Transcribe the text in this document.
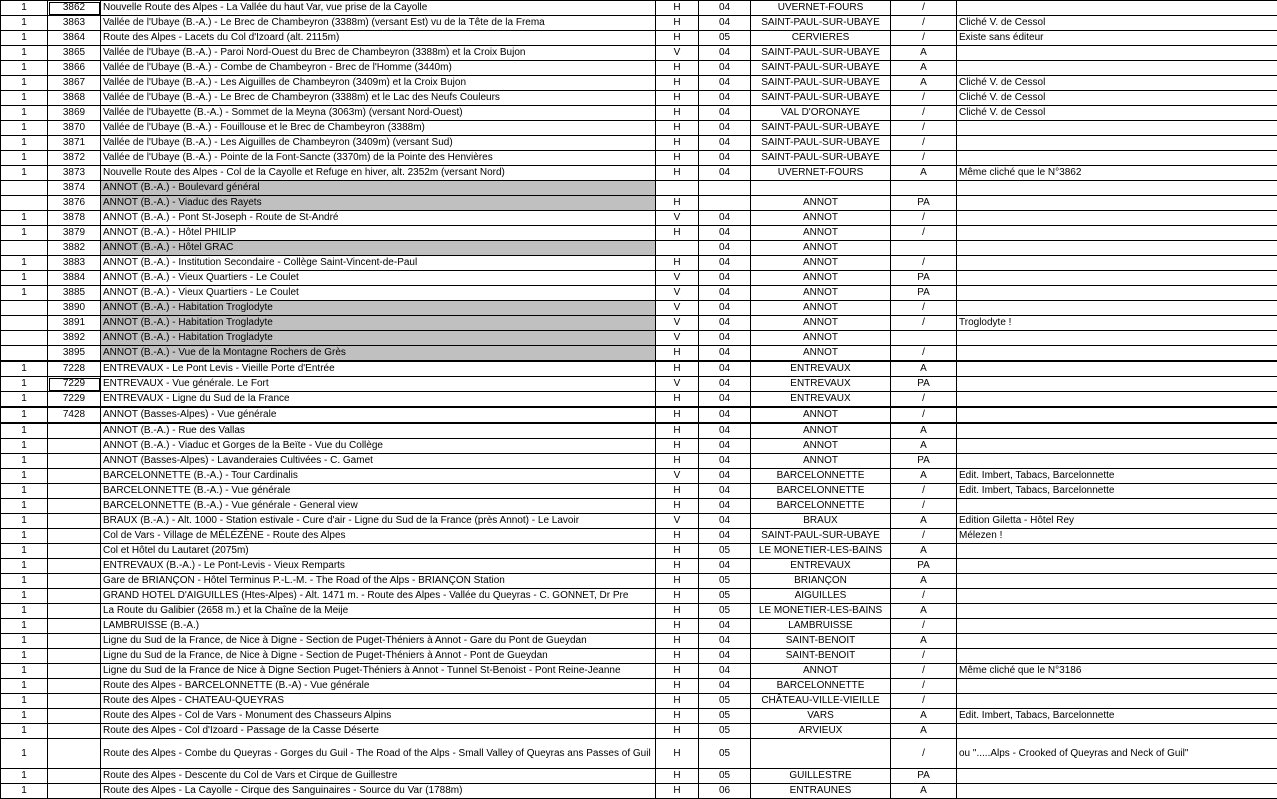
1	3862	Nouvelle Route des Alpes - La Vallée du haut Var, vue prise de la Cayolle	H	04	UVERNET-FOURS	/	
1	3863	Vallée de l'Ubaye (B.-A.) - Le Brec de Chambeyron (3388m) (versant Est) vu de la Tête de la Frema	H	04	SAINT-PAUL-SUR-UBAYE	/	Cliché V. de Cessol
1	3864	Route des Alpes - Lacets du Col d'Izoard (alt. 2115m)	H	05	CERVIERES	/	Existe sans éditeur
1	3865	Vallée de l'Ubaye (B.-A.) - Paroi Nord-Ouest du Brec de Chambeyron (3388m) et la Croix Bujon	V	04	SAINT-PAUL-SUR-UBAYE	A	
1	3866	Vallée de l'Ubaye (B.-A.) - Combe de Chambeyron - Brec de l'Homme (3440m)	H	04	SAINT-PAUL-SUR-UBAYE	A	
1	3867	Vallée de l'Ubaye (B.-A.) - Les Aiguilles de Chambeyron (3409m) et la Croix Bujon	H	04	SAINT-PAUL-SUR-UBAYE	A	Cliché V. de Cessol
1	3868	Vallée de l'Ubaye (B.-A.) - Le Brec de Chambeyron (3388m) et le Lac des Neufs Couleurs	H	04	SAINT-PAUL-SUR-UBAYE	/	Cliché V. de Cessol
1	3869	Vallée de l'Ubayette (B.-A.) - Sommet de la Meyna (3063m) (versant Nord-Ouest)	H	04	VAL D'ORONAYE	/	Cliché V. de Cessol
1	3870	Vallée de l'Ubaye (B.-A.) - Fouillouse et le Brec de Chambeyron (3388m)	H	04	SAINT-PAUL-SUR-UBAYE	/	
1	3871	Vallée de l'Ubaye (B.-A.) - Les Aiguilles de Chambeyron (3409m) (versant Sud)	H	04	SAINT-PAUL-SUR-UBAYE	/	
1	3872	Vallée de l'Ubaye (B.-A.) - Pointe de la Font-Sancte (3370m) de la Pointe des Henvières	H	04	SAINT-PAUL-SUR-UBAYE	/	
1	3873	Nouvelle Route des Alpes - Col de la Cayolle et Refuge en hiver, alt. 2352m (versant Nord)	H	04	UVERNET-FOURS	A	Même cliché que le N°3862
	3874	ANNOT (B.-A.) - Boulevard général					
	3876	ANNOT (B.-A.) - Viaduc des Rayets	H		ANNOT	PA	
1	3878	ANNOT (B.-A.) - Pont St-Joseph - Route de St-André	V	04	ANNOT	/	
1	3879	ANNOT (B.-A.) - Hôtel PHILIP	H	04	ANNOT	/	
	3882	ANNOT (B.-A.) - Hôtel GRAC		04	ANNOT		
1	3883	ANNOT (B.-A.) - Institution Secondaire - Collège Saint-Vincent-de-Paul	H	04	ANNOT	/	
1	3884	ANNOT (B.-A.) - Vieux Quartiers - Le Coulet	V	04	ANNOT	PA	
1	3885	ANNOT (B.-A.) - Vieux Quartiers - Le Coulet	V	04	ANNOT	PA	
	3890	ANNOT (B.-A.) - Habitation Troglodyte	V	04	ANNOT	/	
	3891	ANNOT (B.-A.) - Habitation Trogladyte	V	04	ANNOT	/	Troglodyte !
	3892	ANNOT (B.-A.) - Habitation Trogladyte	V	04	ANNOT		
	3895	ANNOT (B.-A.) - Vue de la Montagne Rochers de Grès	H	04	ANNOT	/	
1	7228	ENTREVAUX - Le Pont Levis - Vieille Porte d'Entrée	H	04	ENTREVAUX	A	
1	7229	ENTREVAUX - Vue générale. Le Fort	V	04	ENTREVAUX	PA	
1	7229	ENTREVAUX - Ligne du Sud de la France	H	04	ENTREVAUX	/	
1	7428	ANNOT (Basses-Alpes) - Vue générale	H	04	ANNOT	/	
1		ANNOT (B.-A.) - Rue des Vallas	H	04	ANNOT	A	
1		ANNOT (B.-A.) - Viaduc et Gorges de la Beïte - Vue du Collège	H	04	ANNOT	A	
1		ANNOT (Basses-Alpes) - Lavanderaies Cultivées - C. Gamet	H	04	ANNOT	PA	
1		BARCELONNETTE (B.-A.) - Tour Cardinalis	V	04	BARCELONNETTE	A	Edit. Imbert, Tabacs, Barcelonnette
1		BARCELONNETTE (B.-A.) - Vue générale	H	04	BARCELONNETTE	/	Edit. Imbert, Tabacs, Barcelonnette
1		BARCELONNETTE (B.-A.) - Vue générale - General view	H	04	BARCELONNETTE	/	
1		BRAUX (B.-A.) - Alt. 1000 - Station estivale - Cure d'air - Ligne du Sud de la France (près Annot) - Le Lavoir	V	04	BRAUX	A	Edition Giletta - Hôtel Rey
1		Col de Vars - Village de MÉLÉZÈNE - Route des Alpes	H	04	SAINT-PAUL-SUR-UBAYE	/	Mélezen !
1		Col et Hôtel du Lautaret (2075m)	H	05	LE MONETIER-LES-BAINS	A	
1		ENTREVAUX (B.-A.) - Le Pont-Levis - Vieux Remparts	H	04	ENTREVAUX	PA	
1		Gare de BRIANÇON - Hôtel Terminus P.-L.-M. - The Road of the Alps - BRIANÇON Station	H	05	BRIANÇON	A	
1		GRAND HOTEL D'AIGUILLES (Htes-Alpes) - Alt. 1471 m. - Route des Alpes - Vallée du Queyras - C. GONNET, Dr Pre	H	05	AIGUILLES	/	
1		La Route du Galibier (2658 m.) et la Chaîne de la Meije	H	05	LE MONETIER-LES-BAINS	A	
1		LAMBRUISSE (B.-A.)	H	04	LAMBRUISSE	/	
1		Ligne du Sud de la France, de Nice à Digne - Section de Puget-Théniers à Annot - Gare du Pont de Gueydan	H	04	SAINT-BENOIT	A	
1		Ligne du Sud de la France, de Nice à Digne - Section de Puget-Théniers à Annot - Pont de Gueydan	H	04	SAINT-BENOIT	/	
1		Ligne du Sud de la France de Nice à Digne Section Puget-Théniers à Annot - Tunnel St-Benoist - Pont Reine-Jeanne	H	04	ANNOT	/	Même cliché que le N°3186
1		Route des Alpes - BARCELONNETTE (B.-A) - Vue générale	H	04	BARCELONNETTE	/	
1		Route des Alpes - CHATEAU-QUEYRAS	H	05	CHÂTEAU-VILLE-VIEILLE	/	
1		Route des Alpes - Col de Vars - Monument des Chasseurs Alpins	H	05	VARS	A	Edit. Imbert, Tabacs, Barcelonnette
1		Route des Alpes - Col d'Izoard - Passage de la Casse Déserte	H	05	ARVIEUX	A	
1		Route des Alpes - Combe du Queyras - Gorges du Guil - The Road of the Alps - Small Valley of Queyras ans Passes of Guil	H	05		/	ou ".....Alps - Crooked of Queyras and Neck of Guil"
1		Route des Alpes - Descente du Col de Vars et Cirque de Guillestre	H	05	GUILLESTRE	PA	
1		Route des Alpes - La Cayolle - Cirque des Sanguinaires - Source du Var (1788m)	H	06	ENTRAUNES	A	
